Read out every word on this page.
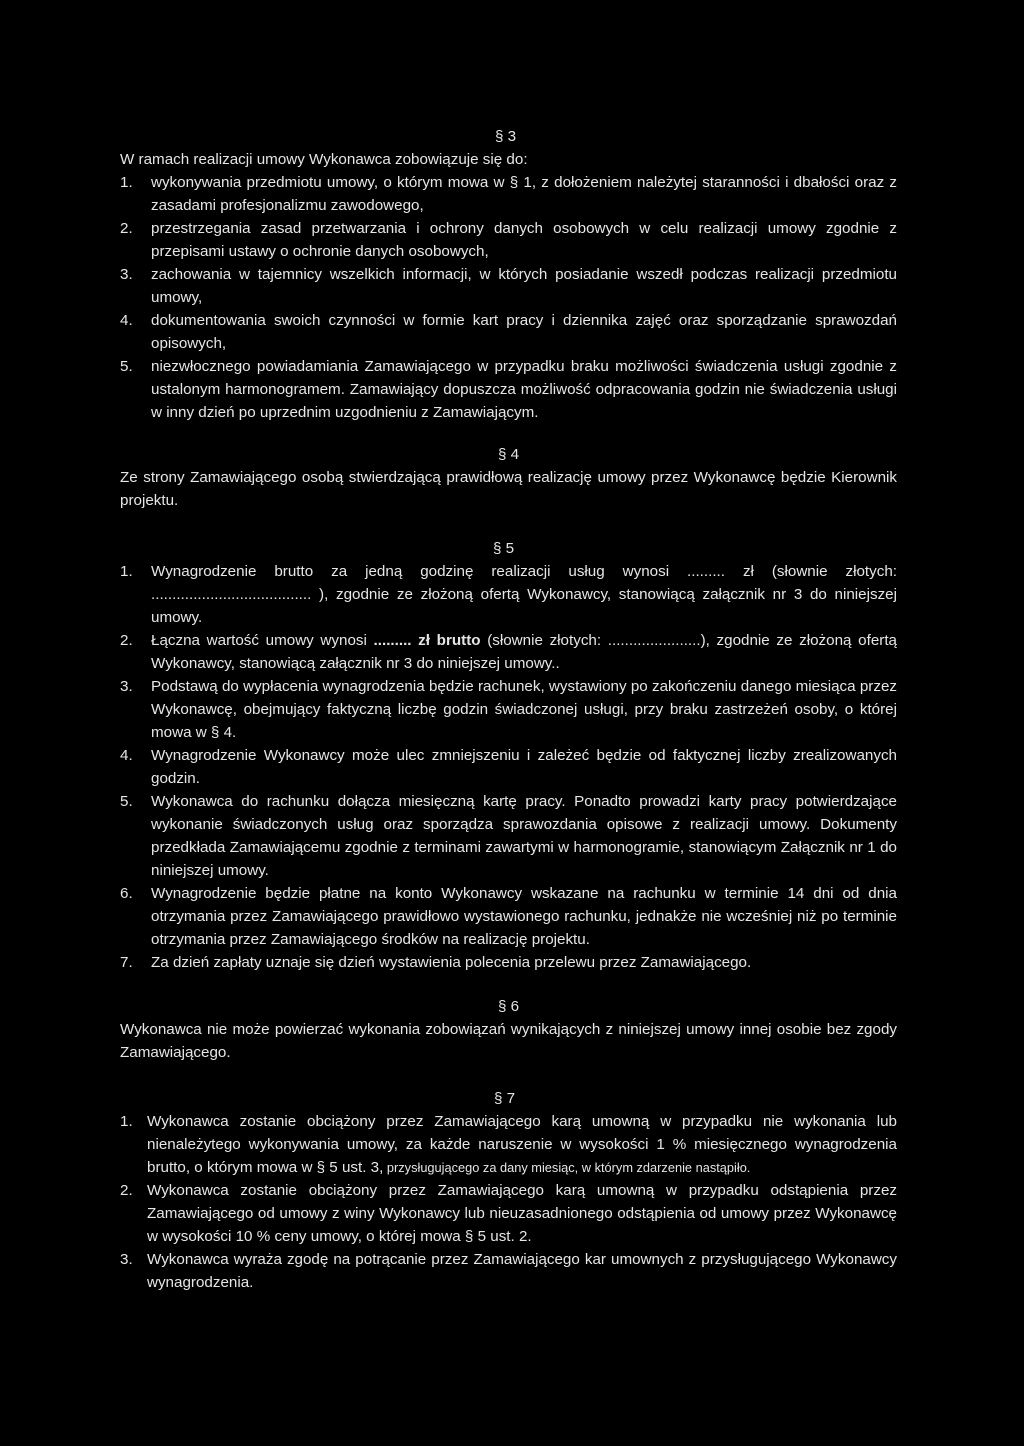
§ 3
W ramach realizacji umowy Wykonawca zobowiązuje się do:
1. wykonywania przedmiotu umowy, o którym mowa w § 1, z dołożeniem należytej staranności i dbałości oraz z zasadami profesjonalizmu zawodowego,
2. przestrzegania zasad przetwarzania i ochrony danych osobowych w celu realizacji umowy zgodnie z przepisami ustawy o ochronie danych osobowych,
3. zachowania w tajemnicy wszelkich informacji, w których posiadanie wszedł podczas realizacji przedmiotu umowy,
4. dokumentowania swoich czynności w formie kart pracy i dziennika zajęć oraz sporządzanie sprawozdań opisowych,
5. niezwłocznego powiadamiania Zamawiającego w przypadku braku możliwości świadczenia usługi zgodnie z ustalonym harmonogramem. Zamawiający dopuszcza możliwość odpracowania godzin nie świadczenia usługi w inny dzień po uprzednim uzgodnieniu z Zamawiającym.
§ 4
Ze strony Zamawiającego osobą stwierdzającą prawidłową realizację umowy przez Wykonawcę będzie Kierownik projektu.
§ 5
1. Wynagrodzenie brutto za jedną godzinę realizacji usług wynosi ......... zł (słownie złotych: ...................................... ), zgodnie ze złożoną ofertą Wykonawcy, stanowiącą załącznik nr 3 do niniejszej umowy.
2. Łączna wartość umowy wynosi ......... zł brutto (słownie złotych: ......................), zgodnie ze złożoną ofertą Wykonawcy, stanowiącą załącznik nr 3 do niniejszej umowy..
3. Podstawą do wypłacenia wynagrodzenia będzie rachunek, wystawiony po zakończeniu danego miesiąca przez Wykonawcę, obejmujący faktyczną liczbę godzin świadczonej usługi, przy braku zastrzeżeń osoby, o której mowa w § 4.
4. Wynagrodzenie Wykonawcy może ulec zmniejszeniu i zależeć będzie od faktycznej liczby zrealizowanych godzin.
5. Wykonawca do rachunku dołącza miesięczną kartę pracy. Ponadto prowadzi karty pracy potwierdzające wykonanie świadczonych usług oraz sporządza sprawozdania opisowe z realizacji umowy. Dokumenty przedkłada Zamawiającemu zgodnie z terminami zawartymi w harmonogramie, stanowiącym Załącznik nr 1 do niniejszej umowy.
6. Wynagrodzenie będzie płatne na konto Wykonawcy wskazane na rachunku w terminie 14 dni od dnia otrzymania przez Zamawiającego prawidłowo wystawionego rachunku, jednakże nie wcześniej niż po terminie otrzymania przez Zamawiającego środków na realizację projektu.
7. Za dzień zapłaty uznaje się dzień wystawienia polecenia przelewu przez Zamawiającego.
§ 6
Wykonawca nie może powierzać wykonania zobowiązań wynikających z niniejszej umowy innej osobie bez zgody Zamawiającego.
§ 7
1. Wykonawca zostanie obciążony przez Zamawiającego karą umowną w przypadku nie wykonania lub nienależytego wykonywania umowy, za każde naruszenie w wysokości 1 % miesięcznego wynagrodzenia brutto, o którym mowa w § 5 ust. 3, przysługującego za dany miesiąc, w którym zdarzenie nastąpiło.
2. Wykonawca zostanie obciążony przez Zamawiającego karą umowną w przypadku odstąpienia przez Zamawiającego od umowy z winy Wykonawcy lub nieuzasadnionego odstąpienia od umowy przez Wykonawcę w wysokości 10 % ceny umowy, o której mowa § 5 ust. 2.
3. Wykonawca wyraża zgodę na potrącanie przez Zamawiającego kar umownych z przysługującego Wykonawcy wynagrodzenia.
